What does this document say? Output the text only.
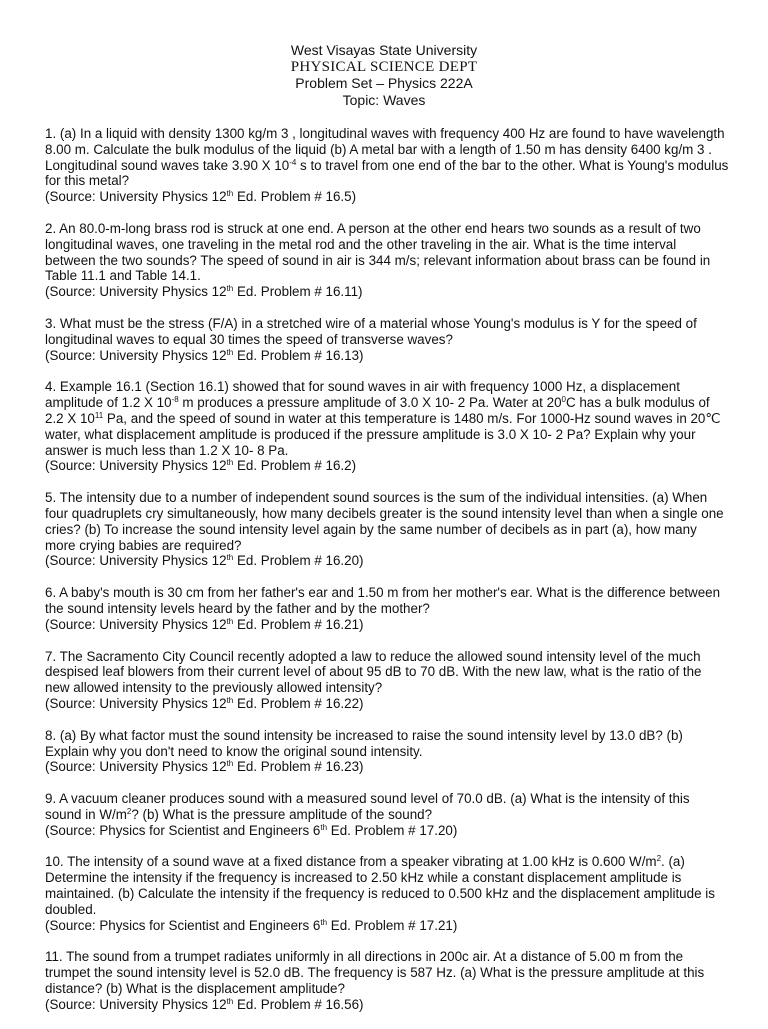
West Visayas State University
PHYSICAL SCIENCE DEPT
Problem Set – Physics 222A
Topic: Waves

1. (a) In a liquid with density 1300 kg/m 3 , longitudinal waves with frequency 400 Hz are found to have wavelength 8.00 m. Calculate the bulk modulus of the liquid (b) A metal bar with a length of 1.50 m has density 6400 kg/m 3 . Longitudinal sound waves take 3.90 X $10^{-4}$ s to travel from one end of the bar to the other. What is Young's modulus for this metal?

(Source: University Physics 12th Ed. Problem # 16.5)

2. An 80.0-m-long brass rod is struck at one end. A person at the other end hears two sounds as a result of two longitudinal waves, one traveling in the metal rod and the other traveling in the air. What is the time interval between the two sounds? The speed of sound in air is 344 m/s; relevant information about brass can be found in Table 11.1 and Table 14.1.

(Source: University Physics 12th Ed. Problem # 16.11)

3. What must be the stress (F/A) in a stretched wire of a material whose Young's modulus is Y for the speed of longitudinal waves to equal 30 times the speed of transverse waves?

(Source: University Physics 12th Ed. Problem # 16.13)

4. Example 16.1 (Section 16.1) showed that for sound waves in air with frequency 1000 Hz, a displacement amplitude of 1.2 X $10^{-8}$ m produces a pressure amplitude of 3.0 X 10- 2 Pa. Water at $20^0C$ has a bulk modulus of 2.2 X $10^{11}$ Pa, and the speed of sound in water at this temperature is 1480 m/s. For 1000-Hz sound waves in 20℃ water, what displacement amplitude is produced if the pressure amplitude is 3.0 X 10- 2 Pa? Explain why your answer is much less than 1.2 X 10- 8 Pa.

(Source: University Physics 12th Ed. Problem # 16.2)

5. The intensity due to a number of independent sound sources is the sum of the individual intensities. (a) When four quadruplets cry simultaneously, how many decibels greater is the sound intensity level than when a single one cries? (b) To increase the sound intensity level again by the same number of decibels as in part (a), how many more crying babies are required?

(Source: University Physics 12th Ed. Problem # 16.20)

6. A baby's mouth is 30 cm from her father's ear and 1.50 m from her mother's ear. What is the difference between the sound intensity levels heard by the father and by the mother?

(Source: University Physics 12th Ed. Problem # 16.21)

7. The Sacramento City Council recently adopted a law to reduce the allowed sound intensity level of the much despised leaf blowers from their current level of about 95 dB to 70 dB. With the new law, what is the ratio of the new allowed intensity to the previously allowed intensity?

(Source: University Physics 12th Ed. Problem # 16.22)

8. (a) By what factor must the sound intensity be increased to raise the sound intensity level by 13.0 dB? (b) Explain why you don't need to know the original sound intensity.

(Source: University Physics 12th Ed. Problem # 16.23)

9. A vacuum cleaner produces sound with a measured sound level of 70.0 dB. (a) What is the intensity of this sound in $W/m^2$? (b) What is the pressure amplitude of the sound?

(Source: Physics for Scientist and Engineers 6th Ed. Problem # 17.20)

10. The intensity of a sound wave at a fixed distance from a speaker vibrating at 1.00 kHz is 0.600 $W/m^2$. (a) Determine the intensity if the frequency is increased to 2.50 kHz while a constant displacement amplitude is maintained. (b) Calculate the intensity if the frequency is reduced to 0.500 kHz and the displacement amplitude is doubled.

(Source: Physics for Scientist and Engineers 6th Ed. Problem # 17.21)

11. The sound from a trumpet radiates uniformly in all directions in 200c air. At a distance of 5.00 m from the trumpet the sound intensity level is 52.0 dB. The frequency is 587 Hz. (a) What is the pressure amplitude at this distance? (b) What is the displacement amplitude?

(Source: University Physics 12th Ed. Problem # 16.56)
